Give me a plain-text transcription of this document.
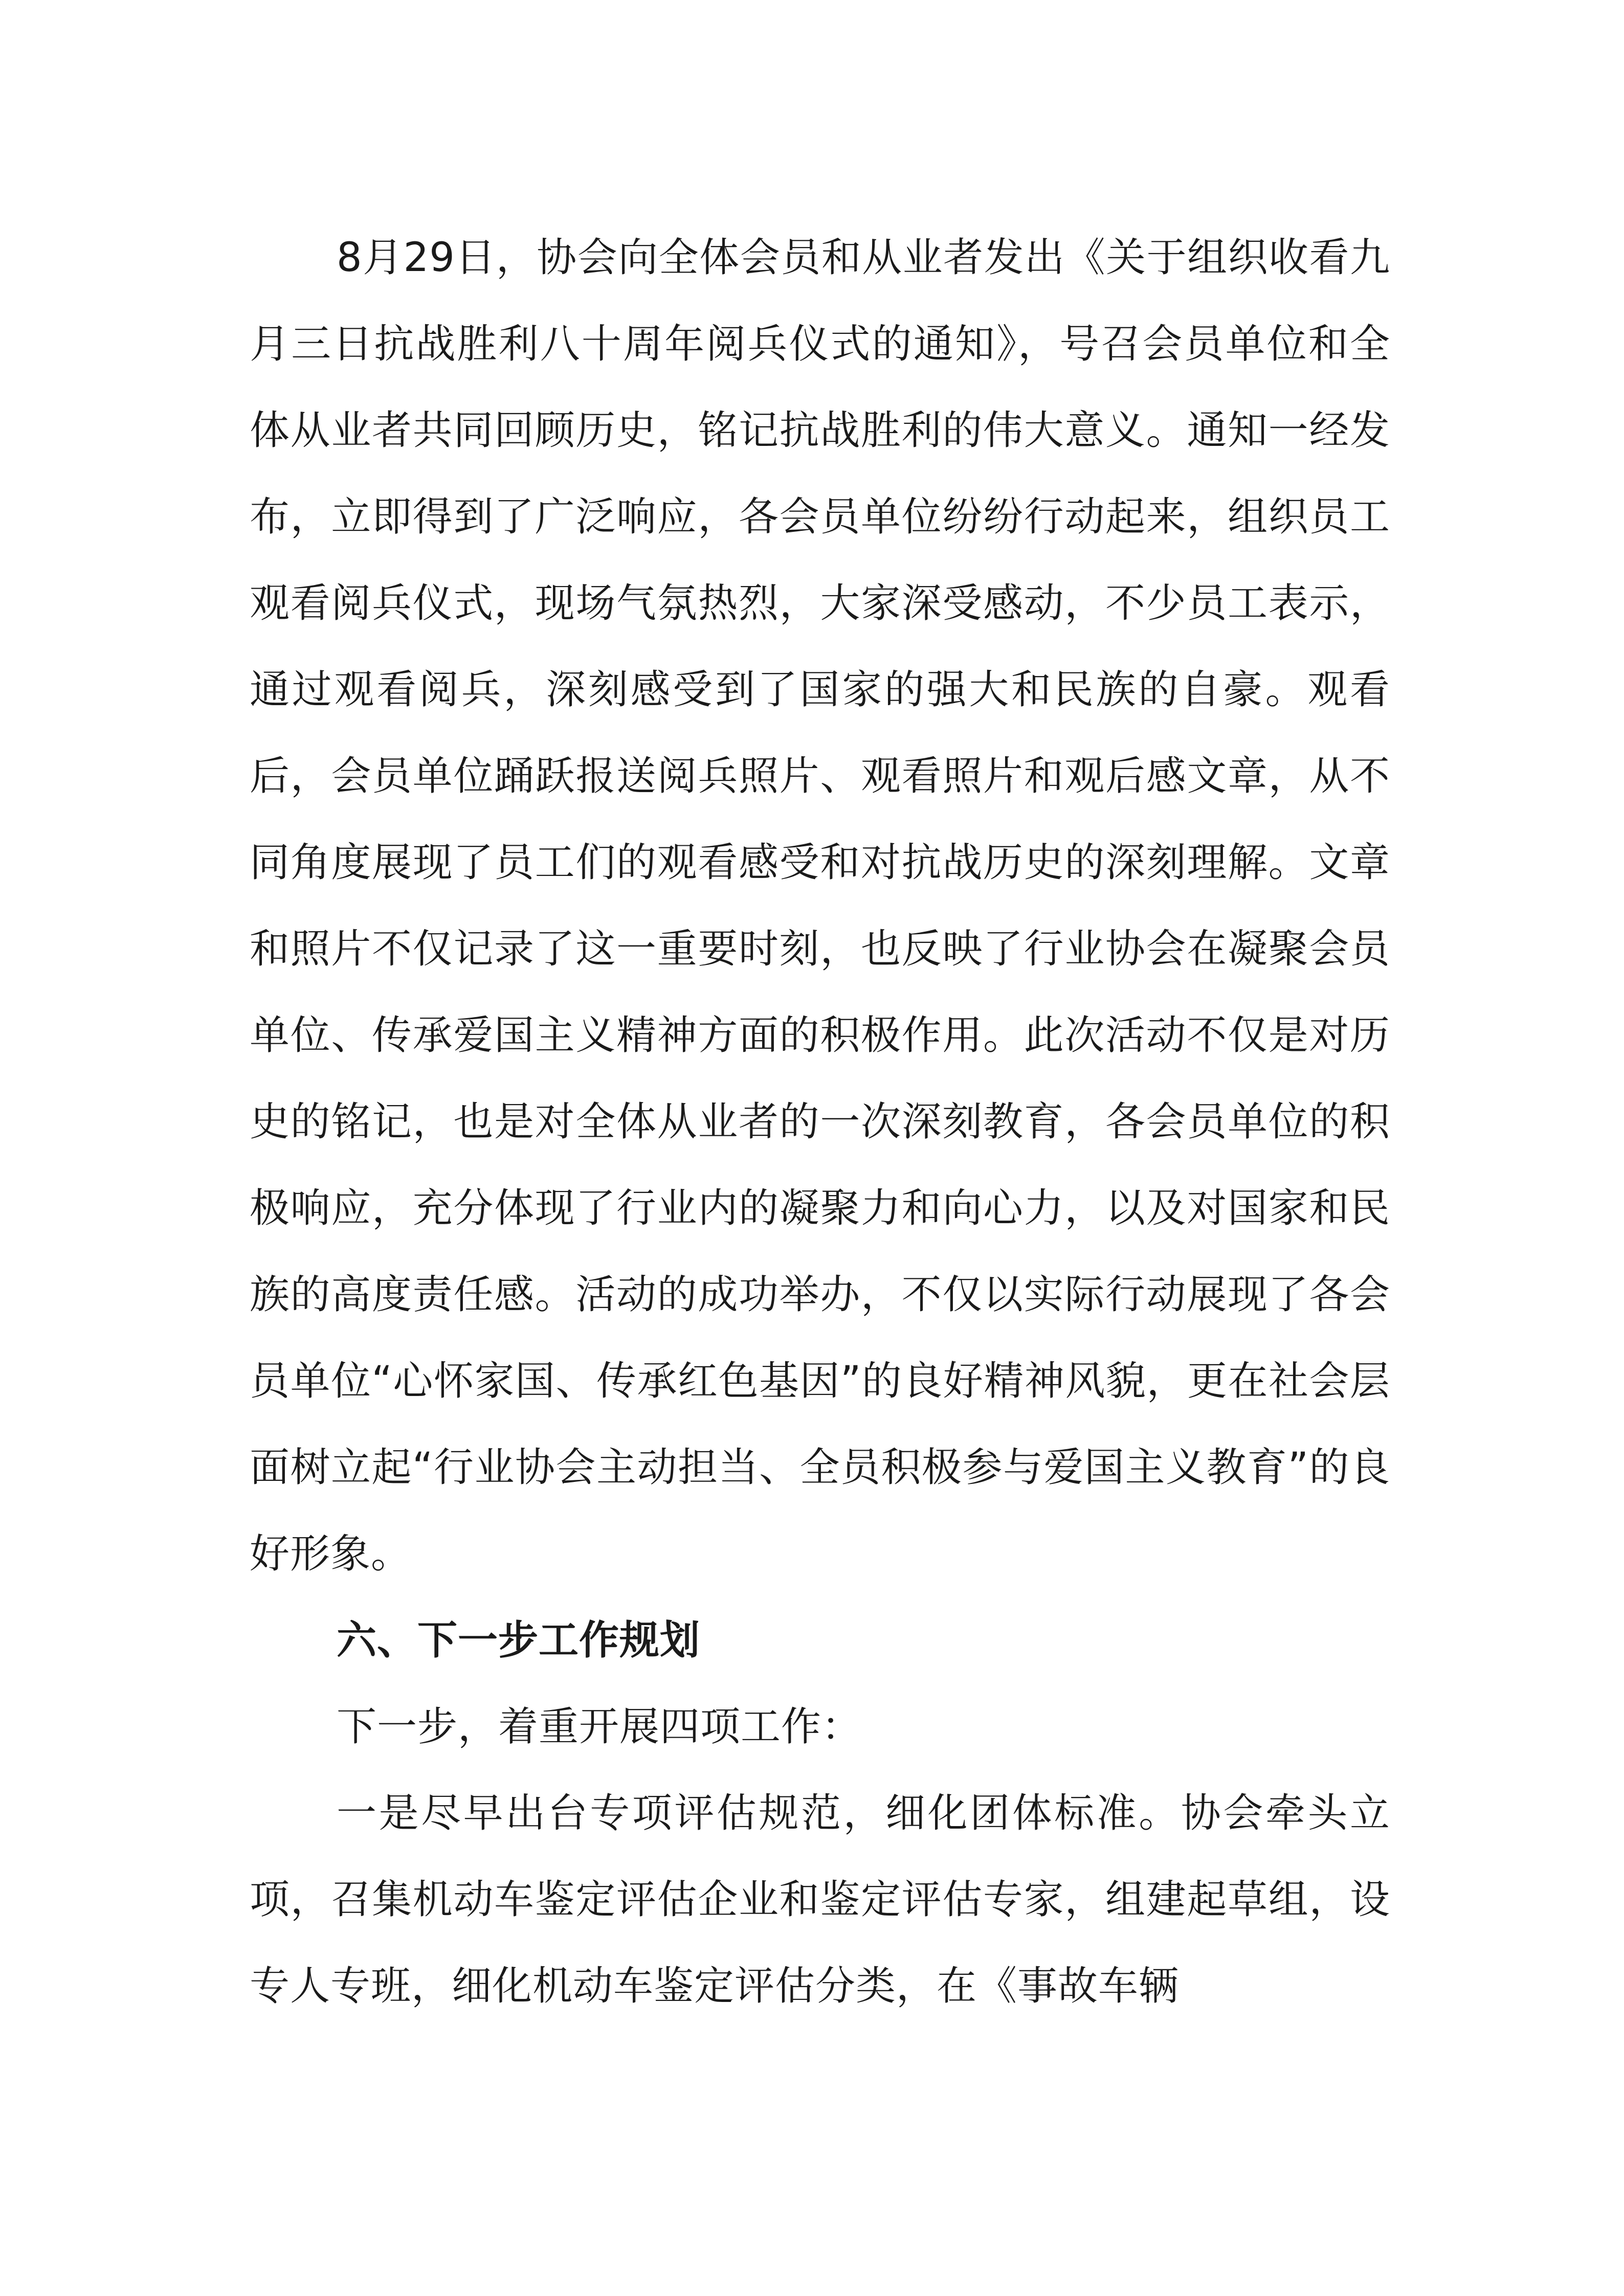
8月29日，协会向全体会员和从业者发出《关于组织收看九月三日抗战胜利八十周年阅兵仪式的通知》，号召会员单位和全体从业者共同回顾历史，铭记抗战胜利的伟大意义。通知一经发布，立即得到了广泛响应，各会员单位纷纷行动起来，组织员工观看阅兵仪式，现场气氛热烈，大家深受感动，不少员工表示，通过观看阅兵，深刻感受到了国家的强大和民族的自豪。观看后，会员单位踊跃报送阅兵照片、观看照片和观后感文章，从不同角度展现了员工们的观看感受和对抗战历史的深刻理解。文章和照片不仅记录了这一重要时刻，也反映了行业协会在凝聚会员单位、传承爱国主义精神方面的积极作用。此次活动不仅是对历史的铭记，也是对全体从业者的一次深刻教育，各会员单位的积极响应，充分体现了行业内的凝聚力和向心力，以及对国家和民族的高度责任感。活动的成功举办，不仅以实际行动展现了各会员单位“心怀家国、传承红色基因”的良好精神风貌，更在社会层面树立起“行业协会主动担当、全员积极参与爱国主义教育”的良好形象。

六、下一步工作规划

下一步，着重开展四项工作：

一是尽早出台专项评估规范，细化团体标准。协会牵头立项，召集机动车鉴定评估企业和鉴定评估专家，组建起草组，设专人专班，细化机动车鉴定评估分类，在《事故车辆
